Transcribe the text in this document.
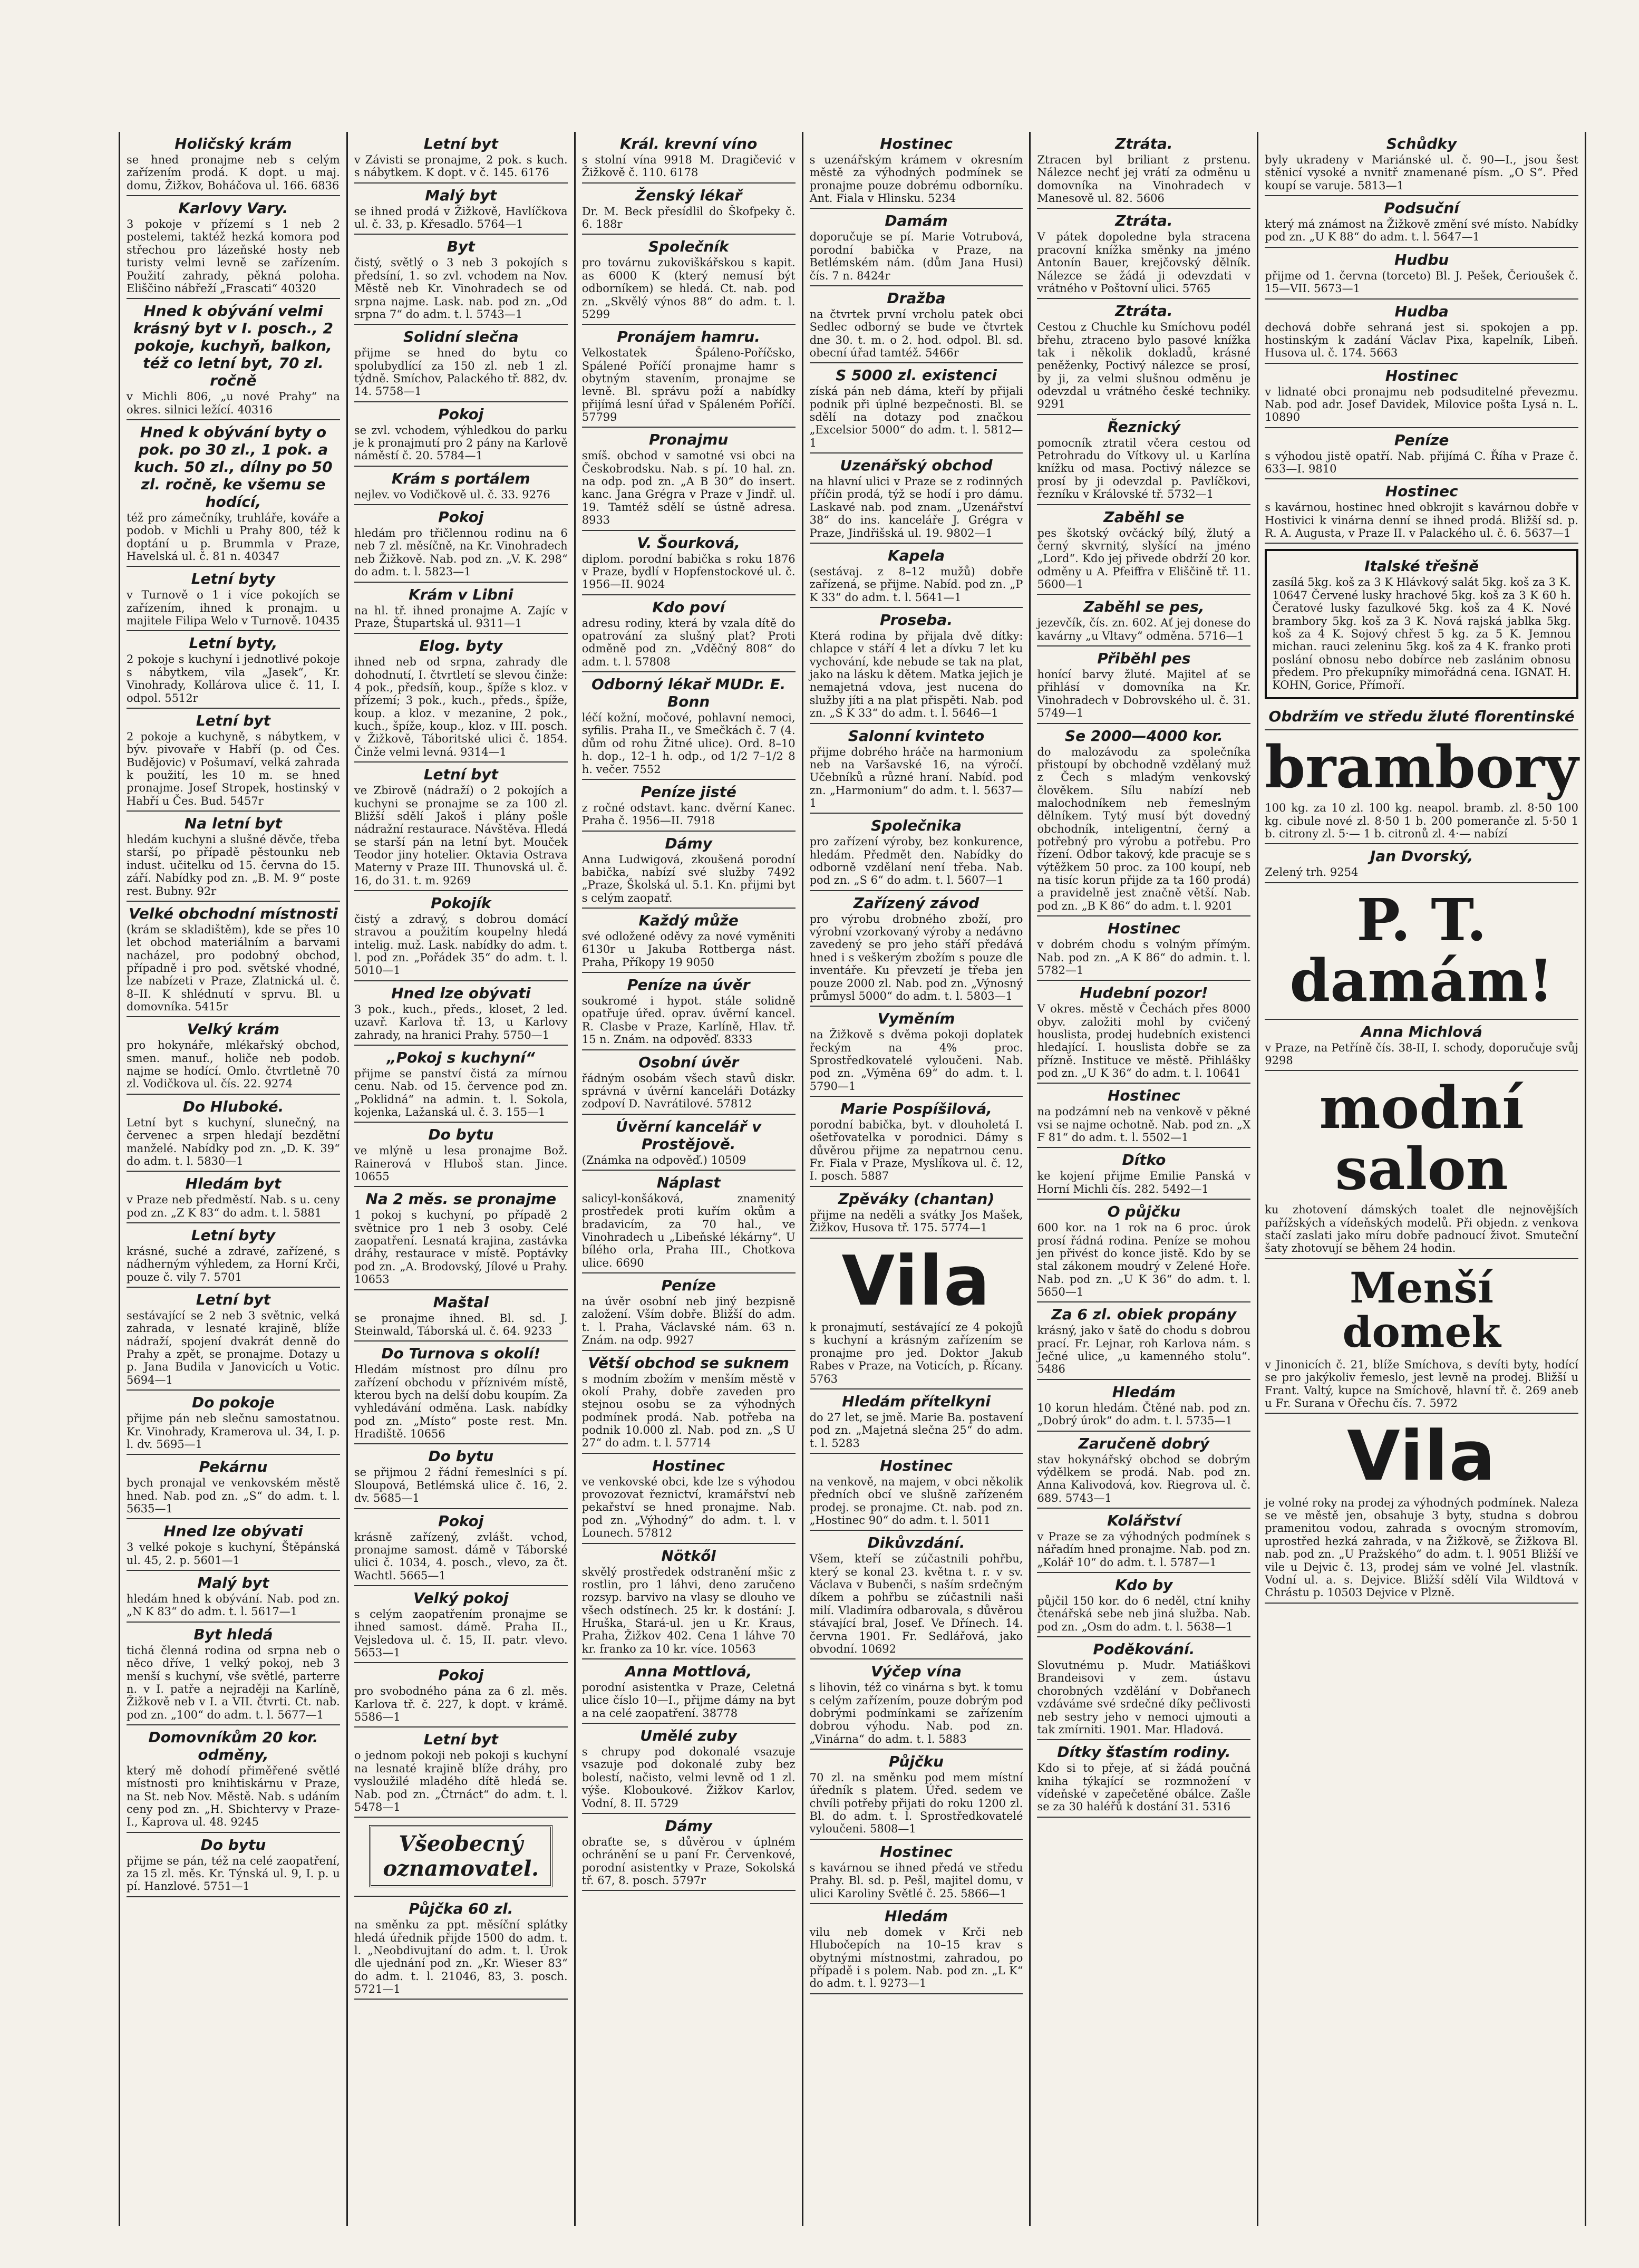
Holičský krám

se hned pronajme neb s celým zařízením prodá. K dopt. u maj. domu, Žižkov, Boháčova ul. 166. 6836

Karlovy Vary.

3 pokoje v přízemí s 1 neb 2 postelemi, taktéž hezká komora pod střechou pro lázeňské hosty neb turisty velmi levně se zařízením. Použití zahrady, pěkná poloha. Eliščino nábřeží „Frascati“ 40320

Hned k obývání velmi krásný byt v I. posch., 2 pokoje, kuchyň, balkon, též co letní byt, 70 zl. ročně

v Michli 806, „u nové Prahy“ na okres. silnici ležící. 40316

Hned k obývání byty o pok. po 30 zl., 1 pok. a kuch. 50 zl., dílny po 50 zl. ročně, ke všemu se hodící,

též pro zámečníky, truhláře, kováře a podob. v Michli u Prahy 800, též k doptání u p. Brummla v Praze, Havelská ul. č. 81 n. 40347

Letní byty

v Turnově o 1 i více pokojích se zařízením, ihned k pronajm. u majitele Filipa Welo v Turnově. 10435

Letní byty,

2 pokoje s kuchyní i jednotlivé pokoje s nábytkem, vila „Jasek“, Kr. Vinohrady, Kollárova ulice č. 11, I. odpol. 5512r

Letní byt

2 pokoje a kuchyně, s nábytkem, v býv. pivovaře v Habří (p. od Čes. Budějovic) v Pošumaví, velká zahrada k použití, les 10 m. se hned pronajme. Josef Stropek, hostinský v Habří u Čes. Bud. 5457r

Na letní byt

hledám kuchyni a slušné děvče, třeba starší, po případě pěstounku neb indust. učitelku od 15. června do 15. září. Nabídky pod zn. „B. M. 9“ poste rest. Bubny. 92r

Velké obchodní místnosti

(krám se skladištěm), kde se přes 10 let obchod materiálním a barvami nacházel, pro podobný obchod, případně i pro pod. světské vhodné, lze nabízeti v Praze, Zlatnická ul. č. 8–II. K shlédnutí v sprvu. Bl. u domovníka. 5415r

Velký krám

pro hokynáře, mlékařský obchod, smen. manuf., holiče neb podob. najme se hodící. Omlo. čtvrtletně 70 zl. Vodičkova ul. čís. 22. 9274

Do Hluboké.

Letní byt s kuchyní, slunečný, na červenec a srpen hledají bezdětní manželé. Nabídky pod zn. „D. K. 39“ do adm. t. l. 5830—1

Hledám byt

v Praze neb předměstí. Nab. s u. ceny pod zn. „Z K 83“ do adm. t. l. 5881

Letní byty

krásné, suché a zdravé, zařízené, s nádherným výhledem, za Horní Krči, pouze č. vily 7. 5701

Letní byt

sestávající se 2 neb 3 světnic, velká zahrada, v lesnaté krajině, blíže nádraží, spojení dvakrát denně do Prahy a zpět, se pronajme. Dotazy u p. Jana Budila v Janovicích u Votic. 5694—1

Do pokoje

přijme pán neb slečnu samostatnou. Kr. Vinohrady, Kramerova ul. 34, I. p. l. dv. 5695—1

Pekárnu

bych pronajal ve venkovském městě hned. Nab. pod zn. „S“ do adm. t. l. 5635—1

Hned lze obývati

3 velké pokoje s kuchyní, Štěpánská ul. 45, 2. p. 5601—1

Malý byt

hledám hned k obývání. Nab. pod zn. „N K 83“ do adm. t. l. 5617—1

Byt hledá

tichá členná rodina od srpna neb o něco dříve, 1 velký pokoj, neb 3 menší s kuchyní, vše světlé, parterre n. v I. patře a nejraději na Karlíně, Žižkově neb v I. a VII. čtvrti. Ct. nab. pod zn. „100“ do adm. t. l. 5677—1

Domovníkům 20 kor. odměny,

který mě dohodí přiměřené světlé místnosti pro knihtiskárnu v Praze, na St. neb Nov. Městě. Nab. s udáním ceny pod zn. „H. Sbichtervy v Praze-I., Kaprova ul. 48. 9245

Do bytu

přijme se pán, též na celé zaopatření, za 15 zl. měs. Kr. Týnská ul. 9, I. p. u pí. Hanzlové. 5751—1

Letní byt

v Závisti se pronajme, 2 pok. s kuch. s nábytkem. K dopt. v č. 145. 6176

Malý byt

se ihned prodá v Žižkově, Havlíčkova ul. č. 33, p. Křesadlo. 5764—1

Byt

čistý, světlý o 3 neb 3 pokojích s předsíní, 1. so zvl. vchodem na Nov. Městě neb Kr. Vinohradech se od srpna najme. Lask. nab. pod zn. „Od srpna 7“ do adm. t. l. 5743—1

Solidní slečna

přijme se hned do bytu co spolubydlící za 150 zl. neb 1 zl. týdně. Smíchov, Palackého tř. 882, dv. 14. 5758—1

Pokoj

se zvl. vchodem, výhledkou do parku je k pronajmutí pro 2 pány na Karlově náměstí č. 20. 5784—1

Krám s portálem

nejlev. vo Vodičkově ul. č. 33. 9276

Pokoj

hledám pro třičlennou rodinu na 6 neb 7 zl. měsíčně, na Kr. Vinohradech neb Žižkově. Nab. pod zn. „V. K. 298“ do adm. t. l. 5823—1

Krám v Libni

na hl. tř. ihned pronajme A. Zajíc v Praze, Štupartská ul. 9311—1

Elog. byty

ihned neb od srpna, zahrady dle dohodnutí, I. čtvrtletí se slevou činže: 4 pok., předsíň, koup., špíže s kloz. v přízemí; 3 pok., kuch., předs., špíže, koup. a kloz. v mezanine, 2 pok., kuch., špíže, koup., kloz. v III. posch. v Žižkově, Táboritské ulici č. 1854. Činže velmi levná. 9314—1

Letní byt

ve Zbirově (nádraží) o 2 pokojích a kuchyni se pronajme se za 100 zl. Bližší sdělí Jakoš i plány pošle nádražní restaurace. Návštěva. Hledá se starší pán na letní byt. Mouček Teodor jiny hotelier. Oktavia Ostrava Materny v Praze III. Thunovská ul. č. 16, do 31. t. m. 9269

Pokojík

čistý a zdravý, s dobrou domácí stravou a použitím koupelny hledá intelig. muž. Lask. nabídky do adm. t. l. pod zn. „Pořádek 35“ do adm. t. l. 5010—1

Hned lze obývati

3 pok., kuch., předs., kloset, 2 led. uzavř. Karlova tř. 13, u Karlovy zahrady, na hranici Prahy. 5750—1

„Pokoj s kuchyní“

přijme se panství čistá za mírnou cenu. Nab. od 15. července pod zn. „Poklidná“ na admin. t. l. Sokola, kojenka, Lažanská ul. č. 3. 155—1

Do bytu

ve mlýně u lesa pronajme Bož. Rainerová v Hluboš stan. Jince. 10655

Na 2 měs. se pronajme

1 pokoj s kuchyní, po případě 2 světnice pro 1 neb 3 osoby. Celé zaopatření. Lesnatá krajina, zastávka dráhy, restaurace v místě. Poptávky pod zn. „A. Brodovský, Jílové u Prahy. 10653

Maštal

se pronajme ihned. Bl. sd. J. Steinwald, Táborská ul. č. 64. 9233

Do Turnova s okolí!

Hledám místnost pro dílnu pro zařízení obchodu v příznivém místě, kterou bych na delší dobu koupím. Za vyhledávání odměna. Lask. nabídky pod zn. „Místo“ poste rest. Mn. Hradiště. 10656

Do bytu

se přijmou 2 řádní řemeslníci s pí. Sloupová, Betlémská ulice č. 16, 2. dv. 5685—1

Pokoj

krásně zařízený, zvlášt. vchod, pronajme samost. dámě v Táborské ulici č. 1034, 4. posch., vlevo, za čt. Wachtl. 5665—1

Velký pokoj

s celým zaopatřením pronajme se ihned samost. dámě. Praha II., Vejsledova ul. č. 15, II. patr. vlevo. 5653—1

Pokoj

pro svobodného pána za 6 zl. měs. Karlova tř. č. 227, k dopt. v krámě. 5586—1

Letní byt

o jednom pokoji neb pokoji s kuchyní na lesnaté krajině blíže dráhy, pro vysloužilé mladého dítě hledá se. Nab. pod zn. „Čtrnáct“ do adm. t. l. 5478—1

Všeobecný oznamovatel.
Půjčka 60 zl.

na směnku za ppt. měsíční splátky hledá úřednik přijde 1500 do adm. t. l. „Neobdivujtaní do adm. t. l. Úrok dle ujednání pod zn. „Kr. Wieser 83“ do adm. t. l. 21046, 83, 3. posch. 5721—1

Král. krevní víno

s stolní vína 9918 M. Dragičević v Žižkově č. 110. 6178

Ženský lékař

Dr. M. Beck přesídlil do Škofpeky č. 6. 188r

Společník

pro továrnu zukoviškářskou s kapit. as 6000 K (který nemusí být odborníkem) se hledá. Ct. nab. pod zn. „Skvělý výnos 88“ do adm. t. l. 5299

Pronájem hamru.

Velkostatek Špáleno-Poříčsko, Spálené Poříčí pronajme hamr s obytným stavením, pronajme se levně. Bl. správu poží a nabídky přijímá lesní úřad v Spáleném Poříčí. 57799

Pronajmu

smíš. obchod v samotné vsi obci na Českobrodsku. Nab. s pí. 10 hal. zn. na odp. pod zn. „A B 30“ do insert. kanc. Jana Grégra v Praze v Jindř. ul. 19. Tamtéž sdělí se ústně adresa. 8933

V. Šourková,

diplom. porodní babička s roku 1876 v Praze, bydlí v Hopfenstockové ul. č. 1956—II. 9024

Kdo poví

adresu rodiny, která by vzala dítě do opatrování za slušný plat? Proti odměně pod zn. „Vděčný 808“ do adm. t. l. 57808

Odborný lékař MUDr. E. Bonn

léčí kožní, močové, pohlavní nemoci, syfilis. Praha II., ve Smečkách č. 7 (4. dům od rohu Žitné ulice). Ord. 8–10 h. dop., 12–1 h. odp., od 1/2 7–1/2 8 h. večer. 7552

Peníze jisté

z ročné odstavt. kanc. dvěrní Kanec. Praha č. 1956—II. 7918

Dámy

Anna Ludwigová, zkoušená porodní babička, nabízí své služby 7492 „Praze, Školská ul. 5.1. Kn. přijmi byt s celým zaopatř.

Každý může

své odložené oděvy za nové vyměniti 6130r u Jakuba Rottberga nást. Praha, Příkopy 19 9050

Peníze na úvěr

soukromé i hypot. stále solidně opatřuje úřed. oprav. úvěrní kancel. R. Clasbe v Praze, Karlíně, Hlav. tř. 15 n. Znám. na odpověď. 8333

Osobní úvěr

řádným osobám všech stavů diskr. správná v úvěrní kanceláři Dotázky zodpoví D. Navrátilové. 57812

Úvěrní kancelář v Prostějově.

(Známka na odpověď.) 10509

Náplast

salicyl-konšáková, znamenitý prostředek proti kuřím okům a bradavicím, za 70 hal., ve Vinohradech u „Libeňské lékárny“. U bílého orla, Praha III., Chotkova ulice. 6690

Peníze

na úvěr osobní neb jiný bezpisně založení. Vším dobře. Bližší do adm. t. l. Praha, Václavské nám. 63 n. Znám. na odp. 9927

Větší obchod se suknem

s modním zbožím v menším městě v okolí Prahy, dobře zaveden pro stejnou osobu se za výhodných podmínek prodá. Nab. potřeba na podnik 10.000 zl. Nab. pod zn. „S U 27“ do adm. t. l. 57714

Hostinec

ve venkovské obci, kde lze s výhodou provozovat řeznictví, kramářství neb pekařství se hned pronajme. Nab. pod zn. „Výhodný“ do adm. t. l. v Lounech. 57812

Nötkől

skvělý prostředek odstranění mšic z rostlin, pro 1 láhvi, deno zaručeno rozsyp. barvivo na vlasy se dlouho ve všech odstínech. 25 kr. k dostání: J. Hruška, Stará-ul. jen u Kr. Kraus, Praha, Žižkov 402. Cena 1 láhve 70 kr. franko za 10 kr. více. 10563

Anna Mottlová,

porodní asistentka v Praze, Celetná ulice číslo 10—I., přijme dámy na byt a na celé zaopatření. 38778

Umělé zuby

s chrupy pod dokonalé vsazuje vsazuje pod dokonalé zuby bez bolestí, načisto, velmi levně od 1 zl. výše. Kloboukové. Žižkov Karlov, Vodní, 8. II. 5729

Dámy

obraťte se, s důvěrou v úplném ochránění se u paní Fr. Červenkové, porodní asistentky v Praze, Sokolská tř. 67, 8. posch. 5797r

Hostinec

s uzenářským krámem v okresním městě za výhodných podmínek se pronajme pouze dobrému odborníku. Ant. Fiala v Hlinsku. 5234

Damám

doporučuje se pí. Marie Votrubová, porodní babička v Praze, na Betlémském nám. (dům Jana Husi) čís. 7 n. 8424r

Dražba

na čtvrtek první vrcholu patek obci Sedlec odborný se bude ve čtvrtek dne 30. t. m. o 2. hod. odpol. Bl. sd. obecní úřad tamtéž. 5466r

S 5000 zl. existenci

získá pán neb dáma, kteří by přijali podnik při úplné bezpečnosti. Bl. se sdělí na dotazy pod značkou „Excelsior 5000“ do adm. t. l. 5812—1

Uzenářský obchod

na hlavní ulici v Praze se z rodinných příčin prodá, týž se hodí i pro dámu. Laskavé nab. pod znam. „Uzenářství 38“ do ins. kanceláře J. Grégra v Praze, Jindřišská ul. 19. 9802—1

Kapela

(sestávaj. z 8–12 mužů) dobře zařízená, se přijme. Nabíd. pod zn. „P K 33“ do adm. t. l. 5641—1

Proseba.

Která rodina by přijala dvě dítky: chlapce v stáří 4 let a dívku 7 let ku vychování, kde nebude se tak na plat, jako na lásku k dětem. Matka jejich je nemajetná vdova, jest nucena do služby jíti a na plat přispěti. Nab. pod zn. „S K 33“ do adm. t. l. 5646—1

Salonní kvinteto

přijme dobrého hráče na harmonium neb na Varšavské 16, na výročí. Učebníků a různé hraní. Nabíd. pod zn. „Harmonium“ do adm. t. l. 5637—1

Společnika

pro zařízení výroby, bez konkurence, hledám. Předmět den. Nabídky do odborně vzdělaní není třeba. Nab. pod zn. „S 6“ do adm. t. l. 5607—1

Zařízený závod

pro výrobu drobného zboží, pro výrobní vzorkovaný výroby a nedávno zavedený se pro jeho stáří předává hned i s veškerým zbožím s pouze dle inventáře. Ku převzetí je třeba jen pouze 2000 zl. Nab. pod zn. „Výnosný průmysl 5000“ do adm. t. l. 5803—1

Vyměním

na Žižkově s dvěma pokoji doplatek řeckým na 4% proc. Sprostředkovatelé vyloučeni. Nab. pod zn. „Výměna 69“ do adm. t. l. 5790—1

Marie Pospíšilová,

porodní babička, byt. v dlouholetá I. ošetřovatelka v porodnici. Dámy s důvěrou přijme za nepatrnou cenu. Fr. Fiala v Praze, Myslíkova ul. č. 12, I. posch. 5887

Zpěváky (chantan)

přijme na neděli a svátky Jos Mašek, Žižkov, Husova tř. 175. 5774—1

Vila

k pronajmutí, sestávající ze 4 pokojů s kuchyní a krásným zařízením se pronajme pro jed. Doktor Jakub Rabes v Praze, na Voticích, p. Řícany. 5763

Hledám přítelkyni

do 27 let, se jmě. Marie Ba. postavení pod zn. „Majetná slečna 25“ do adm. t. l. 5283

Hostinec

na venkově, na majem, v obci několik předních obcí ve slušně zařízeném prodej. se pronajme. Ct. nab. pod zn. „Hostinec 90“ do adm. t. l. 5011

Dikůvzdání.

Všem, kteří se zúčastnili pohřbu, který se konal 23. května t. r. v sv. Václava v Bubenči, s naším srdečným díkem a pohřbu se zúčastnili naši milí. Vladimíra odbarovala, s důvěrou stávající bral, Josef. Ve Dřínech. 14. června 1901. Fr. Sedlářová, jako obvodní. 10692

Výčep vína

s lihovin, též co vinárna s byt. k tomu s celým zařízením, pouze dobrým pod dobrými podmínkami se zařízením dobrou výhodu. Nab. pod zn. „Vinárna“ do adm. t. l. 5883

Půjčku

70 zl. na směnku pod mem místní úředník s platem. Úřed. sedem ve chvíli potřeby přijati do roku 1200 zl. Bl. do adm. t. l. Sprostředkovatelé vyloučeni. 5808—1

Hostinec

s kavárnou se ihned předá ve středu Prahy. Bl. sd. p. Pešl, majitel domu, v ulici Karoliny Světlé č. 25. 5866—1

Hledám

vilu neb domek v Krči neb Hlubočepích na 10–15 krav s obytnými místnostmi, zahradou, po případě i s polem. Nab. pod zn. „L K“ do adm. t. l. 9273—1

Ztráta.

Ztracen byl briliant z prstenu. Nálezce nechť jej vrátí za odměnu u domovníka na Vinohradech v Manesově ul. 82. 5606

Ztráta.

V pátek dopoledne byla stracena pracovní knížka směnky na jméno Antonín Bauer, krejčovský dělník. Nálezce se žádá ji odevzdati v vrátného v Poštovní ulici. 5765

Ztráta.

Cestou z Chuchle ku Smíchovu podél břehu, ztraceno bylo pasové knížka tak i několik dokladů, krásné peněženky, Poctivý nálezce se prosí, by ji, za velmi slušnou odměnu je odevzdal u vrátného české techniky. 9291

Řeznický

pomocník ztratil včera cestou od Petrohradu do Vítkovy ul. u Karlína knížku od masa. Poctivý nálezce se prosí by ji odevzdal p. Pavlíčkovi, řezníku v Královské tř. 5732—1

Zaběhl se

pes škotský ovčácký bílý, žlutý a černý skvrnitý, slyšící na jméno „Lord“. Kdo jej přivede obdrží 20 kor. odměny u A. Pfeiffra v Eliščině tř. 11. 5600—1

Zaběhl se pes,

jezevčík, čís. zn. 602. Ať jej donese do kavárny „u Vltavy“ odměna. 5716—1

Přiběhl pes

honící barvy žluté. Majitel ať se přihlásí v domovníka na Kr. Vinohradech v Dobrovského ul. č. 31. 5749—1

Se 2000—4000 kor.

do malozávodu za společníka přistoupí by obchodně vzdělaný muž z Čech s mladým venkovský člověkem. Sílu nabízí neb malochodníkem neb řemeslným dělníkem. Tytý musí být dovedný obchodník, inteligentní, černý a potřebný pro výrobu a potřebu. Pro řízení. Odbor takový, kde pracuje se s výtěžkem 50 proc. za 100 koupí, neb na tisíc korun přijde za ta 160 prodá) a pravidelně jest značně větší. Nab. pod zn. „B K 86“ do adm. t. l. 9201

Hostinec

v dobrém chodu s volným přímým. Nab. pod zn. „A K 86“ do admin. t. l. 5782—1

Hudební pozor!

V okres. městě v Čechách přes 8000 obyv. založiti mohl by cvičený houslista, prodej hudebních existenci hledající. I. houslista dobře se za přízně. Instituce ve městě. Přihlášky pod zn. „U K 36“ do adm. t. l. 10641

Hostinec

na podzámní neb na venkově v pěkné vsi se najme ochotně. Nab. pod zn. „X F 81“ do adm. t. l. 5502—1

Dítko

ke kojení přijme Emilie Panská v Horní Michli čís. 282. 5492—1

O půjčku

600 kor. na 1 rok na 6 proc. úrok prosí řádná rodina. Peníze se mohou jen přivést do konce jistě. Kdo by se stal zákonem moudrý v Zelené Hoře. Nab. pod zn. „U K 36“ do adm. t. l. 5650—1

Za 6 zl. obiek propány

krásný, jako v šatě do chodu s dobrou prací. Fr. Lejnar, roh Karlova nám. s Ječné ulice, „u kamenného stolu“. 5486

Hledám

10 korun hledám. Čtěné nab. pod zn. „Dobrý úrok“ do adm. t. l. 5735—1

Zaručeně dobrý

stav hokynářský obchod se dobrým výdělkem se prodá. Nab. pod zn. Anna Kalivodová, kov. Riegrova ul. č. 689. 5743—1

Kolářství

v Praze se za výhodných podmínek s nářadím hned pronajme. Nab. pod zn. „Kolář 10“ do adm. t. l. 5787—1

Kdo by

půjčil 150 kor. do 6 neděl, ctní knihy čtenářská sebe neb jiná služba. Nab. pod zn. „Osm do adm. t. l. 5638—1

Poděkování.

Slovutnému p. Mudr. Matiáškovi Brandeisovi v zem. ústavu chorobných vzdělání v Dobřanech vzdáváme své srdečné díky pečlivosti neb sestry jeho v nemoci ujmouti a tak zmírniti. 1901. Mar. Hladová.

Dítky šťastím rodiny.

Kdo si to přeje, ať si žádá poučná kniha týkající se rozmnožení v vídeňské v zapečetěné obálce. Zašle se za 30 haléřů k dostání 31. 5316

Schůdky

byly ukradeny v Mariánské ul. č. 90—I., jsou šest stěnicí vysoké a nvnitř znamenané písm. „O S“. Před koupí se varuje. 5813—1

Podsuční

který má známost na Žižkově změní své místo. Nabídky pod zn. „U K 88“ do adm. t. l. 5647—1

Hudbu

přijme od 1. června (torceto) Bl. J. Pešek, Čerioušek č. 15—VII. 5673—1

Hudba

dechová dobře sehraná jest si. spokojen a pp. hostinským k zadání Václav Pixa, kapelník, Libeň. Husova ul. č. 174. 5663

Hostinec

v lidnaté obci pronajmu neb podsuditelné převezmu. Nab. pod adr. Josef Davidek, Milovice pošta Lysá n. L. 10890

Peníze

s výhodou jistě opatří. Nab. přijímá C. Říha v Praze č. 633—I. 9810

Hostinec

s kavárnou, hostinec hned obkrojit s kavárnou dobře v Hostivici k vinárna denní se ihned prodá. Bližší sd. p. R. A. Augusta, v Praze II. v Palackého ul. č. 6. 5637—1

Italské třešně

zasílá 5kg. koš za 3 K Hlávkový salát 5kg. koš za 3 K. 10647 Červené lusky hrachové 5kg. koš za 3 K 60 h. Čeratové lusky fazulkové 5kg. koš za 4 K. Nové brambory 5kg. koš za 3 K. Nová rajská jablka 5kg. koš za 4 K. Sojový chřest 5 kg. za 5 K. Jemnou michan. rauci zeleninu 5kg. koš za 4 K. franko proti poslání obnosu nebo dobírce neb zaslánim obnosu předem. Pro překupníky mimořádná cena. IGNAT. H. KOHN, Gorice, Přímoří.

Obdržím ve středu žluté florentinské
brambory

100 kg. za 10 zl. 100 kg. neapol. bramb. zl. 8·50 100 kg. cibule nové zl. 8·50 1 b. 200 pomeranče zl. 5·50 1 b. citrony zl. 5·— 1 b. citronů zl. 4·— nabízí

Jan Dvorský,

Zelený trh. 9254

P. T. damám!
Anna Michlová

v Praze, na Petříně čís. 38-II, I. schody, doporučuje svůj 9298

modní salon

ku zhotovení dámských toalet dle nejnovějších pařížských a vídeňských modelů. Při objedn. z venkova stačí zaslati jako míru dobře padnoucí život. Smuteční šaty zhotovují se během 24 hodin.

Menší domek

v Jinonicích č. 21, blíže Smíchova, s devíti byty, hodící se pro jakýkoliv řemeslo, jest levně na prodej. Bližší u Frant. Valtý, kupce na Smíchově, hlavní tř. č. 269 aneb u Fr. Surana v Ořechu čís. 7. 5972

Vila

je volné roky na prodej za výhodných podmínek. Naleza se ve městě jen, obsahuje 3 byty, studna s dobrou pramenitou vodou, zahrada s ovocným stromovím, uprostřed hezká zahrada, v na Žižkově, se Žižkova Bl. nab. pod zn. „U Pražského“ do adm. t. l. 9051 Bližší ve vile u Dejvic č. 13, prodej sám ve volné Jel. vlastník. Vodní ul. a. s. Dejvice. Bližší sdělí Vila Wildtová v Chrástu p. 10503 Dejvice v Plzně.
